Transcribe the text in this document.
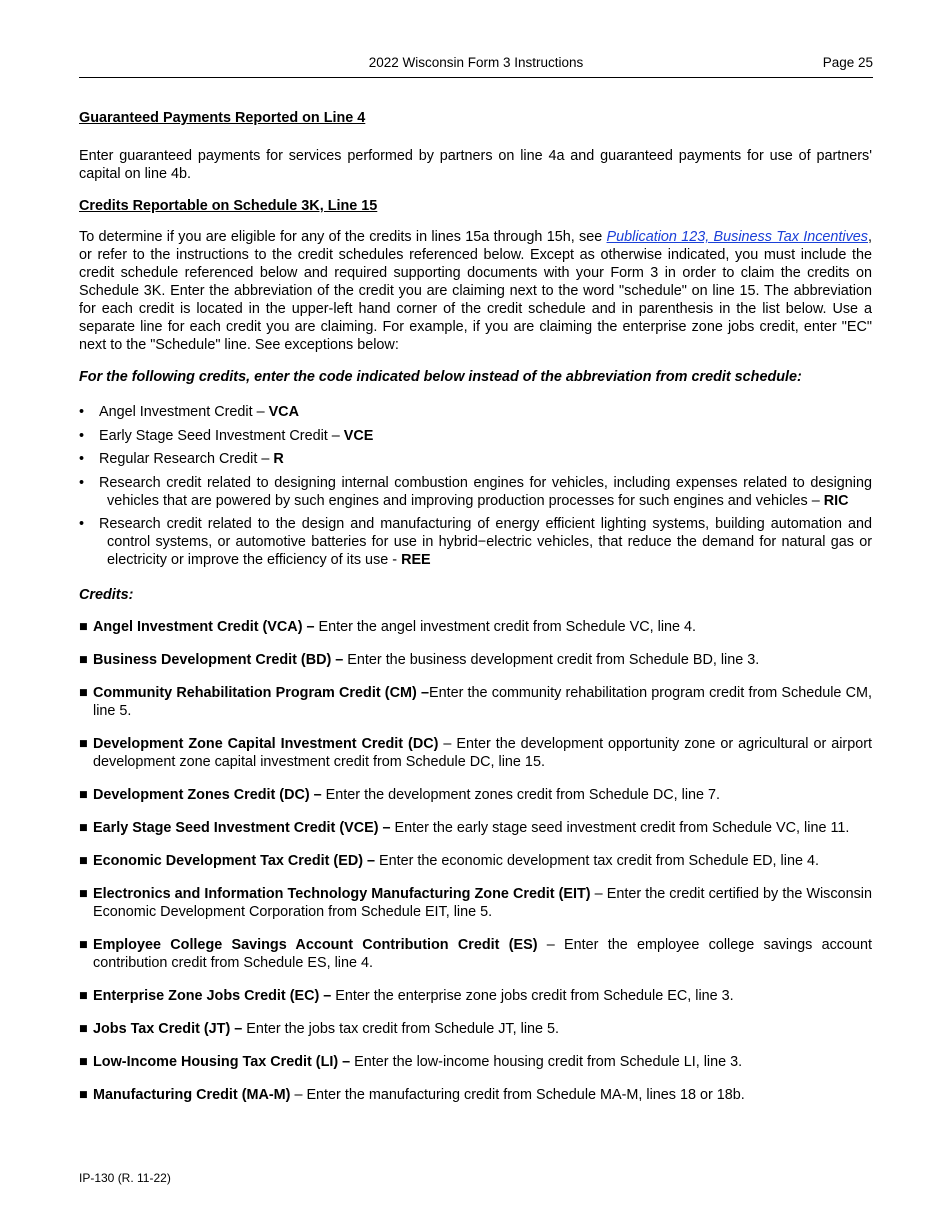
2022 Wisconsin Form 3 Instructions	Page 25

Guaranteed Payments Reported on Line 4

Enter guaranteed payments for services performed by partners on line 4a and guaranteed payments for use of partners' capital on line 4b.

Credits Reportable on Schedule 3K, Line 15

To determine if you are eligible for any of the credits in lines 15a through 15h, see Publication 123, Business Tax Incentives, or refer to the instructions to the credit schedules referenced below. Except as otherwise indicated, you must include the credit schedule referenced below and required supporting documents with your Form 3 in order to claim the credits on Schedule 3K. Enter the abbreviation of the credit you are claiming next to the word "schedule" on line 15. The abbreviation for each credit is located in the upper-left hand corner of the credit schedule and in parenthesis in the list below. Use a separate line for each credit you are claiming. For example, if you are claiming the enterprise zone jobs credit, enter "EC" next to the "Schedule" line. See exceptions below:

For the following credits, enter the code indicated below instead of the abbreviation from credit schedule:

• Angel Investment Credit – VCA
• Early Stage Seed Investment Credit – VCE
• Regular Research Credit – R
• Research credit related to designing internal combustion engines for vehicles, including expenses related to designing vehicles that are powered by such engines and improving production processes for such engines and vehicles – RIC
• Research credit related to the design and manufacturing of energy efficient lighting systems, building automation and control systems, or automotive batteries for use in hybrid−electric vehicles, that reduce the demand for natural gas or electricity or improve the efficiency of its use - REE

Credits:

■ Angel Investment Credit (VCA) – Enter the angel investment credit from Schedule VC, line 4.

■ Business Development Credit (BD) – Enter the business development credit from Schedule BD, line 3.

■ Community Rehabilitation Program Credit (CM) –Enter the community rehabilitation program credit from Schedule CM, line 5.

■ Development Zone Capital Investment Credit (DC) – Enter the development opportunity zone or agricultural or airport development zone capital investment credit from Schedule DC, line 15.

■ Development Zones Credit (DC) – Enter the development zones credit from Schedule DC, line 7.

■ Early Stage Seed Investment Credit (VCE) – Enter the early stage seed investment credit from Schedule VC, line 11.

■ Economic Development Tax Credit (ED) – Enter the economic development tax credit from Schedule ED, line 4.

■ Electronics and Information Technology Manufacturing Zone Credit (EIT) – Enter the credit certified by the Wisconsin Economic Development Corporation from Schedule EIT, line 5.

■ Employee College Savings Account Contribution Credit (ES) – Enter the employee college savings account contribution credit from Schedule ES, line 4.

■ Enterprise Zone Jobs Credit (EC) – Enter the enterprise zone jobs credit from Schedule EC, line 3.

■ Jobs Tax Credit (JT) – Enter the jobs tax credit from Schedule JT, line 5.

■ Low-Income Housing Tax Credit (LI) – Enter the low-income housing credit from Schedule LI, line 3.

■ Manufacturing Credit (MA-M) – Enter the manufacturing credit from Schedule MA-M, lines 18 or 18b.

IP-130 (R. 11-22)
